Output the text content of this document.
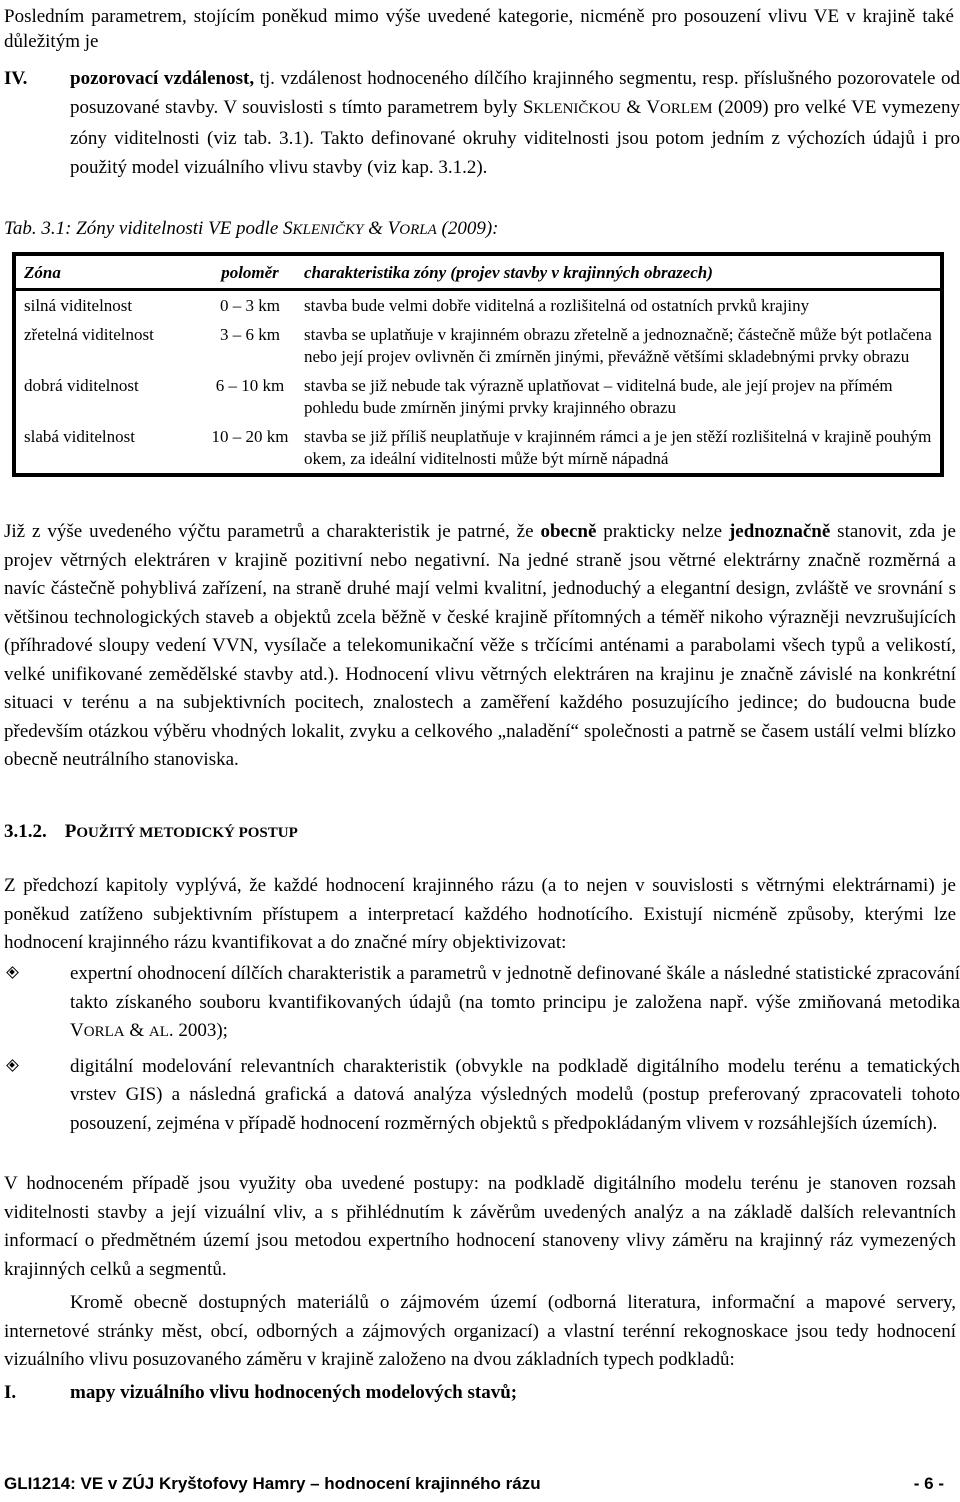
Posledním parametrem, stojícím poněkud mimo výše uvedené kategorie, nicméně pro posouzení vlivu VE v krajině také důležitým je

IV. pozorovací vzdálenost, tj. vzdálenost hodnoceného dílčího krajinného segmentu, resp. příslušného pozorovatele od posuzované stavby. V souvislosti s tímto parametrem byly SKLENIČKOU & VORLEM (2009) pro velké VE vymezeny zóny viditelnosti (viz tab. 3.1). Takto definované okruhy viditelnosti jsou potom jedním z výchozích údajů i pro použitý model vizuálního vlivu stavby (viz kap. 3.1.2).

Tab. 3.1: Zóny viditelnosti VE podle SKLENIČKY & VORLA (2009):

Zóna	poloměr	charakteristika zóny (projev stavby v krajinných obrazech)
silná viditelnost	0 – 3 km	stavba bude velmi dobře viditelná a rozlišitelná od ostatních prvků krajiny
zřetelná viditelnost	3 – 6 km	stavba se uplatňuje v krajinném obrazu zřetelně a jednoznačně; částečně může být potlačena nebo její projev ovlivněn či zmírněn jinými, převážně většími skladebnými prvky obrazu
dobrá viditelnost	6 – 10 km	stavba se již nebude tak výrazně uplatňovat – viditelná bude, ale její projev na přímém pohledu bude zmírněn jinými prvky krajinného obrazu
slabá viditelnost	10 – 20 km	stavba se již příliš neuplatňuje v krajinném rámci a je jen stěží rozlišitelná v krajině pouhým okem, za ideální viditelnosti může být mírně nápadná

Již z výše uvedeného výčtu parametrů a charakteristik je patrné, že obecně prakticky nelze jednoznačně stanovit, zda je projev větrných elektráren v krajině pozitivní nebo negativní. Na jedné straně jsou větrné elektrárny značně rozměrná a navíc částečně pohyblivá zařízení, na straně druhé mají velmi kvalitní, jednoduchý a elegantní design, zvláště ve srovnání s většinou technologických staveb a objektů zcela běžně v české krajině přítomných a téměř nikoho výrazněji nevzrušujících (příhradové sloupy vedení VVN, vysílače a telekomunikační věže s trčícími anténami a parabolami všech typů a velikostí, velké unifikované zemědělské stavby atd.). Hodnocení vlivu větrných elektráren na krajinu je značně závislé na konkrétní situaci v terénu a na subjektivních pocitech, znalostech a zaměření každého posuzujícího jedince; do budoucna bude především otázkou výběru vhodných lokalit, zvyku a celkového „naladění“ společnosti a patrně se časem ustálí velmi blízko obecně neutrálního stanoviska.

3.1.2. POUŽITÝ METODICKÝ POSTUP

Z předchozí kapitoly vyplývá, že každé hodnocení krajinného rázu (a to nejen v souvislosti s větrnými elektrárnami) je poněkud zatíženo subjektivním přístupem a interpretací každého hodnotícího. Existují nicméně způsoby, kterými lze hodnocení krajinného rázu kvantifikovat a do značné míry objektivizovat:

expertní ohodnocení dílčích charakteristik a parametrů v jednotně definované škále a následné statistické zpracování takto získaného souboru kvantifikovaných údajů (na tomto principu je založena např. výše zmiňovaná metodika VORLA & AL. 2003);

digitální modelování relevantních charakteristik (obvykle na podkladě digitálního modelu terénu a tematických vrstev GIS) a následná grafická a datová analýza výsledných modelů (postup preferovaný zpracovateli tohoto posouzení, zejména v případě hodnocení rozměrných objektů s předpokládaným vlivem v rozsáhlejších územích).

V hodnoceném případě jsou využity oba uvedené postupy: na podkladě digitálního modelu terénu je stanoven rozsah viditelnosti stavby a její vizuální vliv, a s přihlédnutím k závěrům uvedených analýz a na základě dalších relevantních informací o předmětném území jsou metodou expertního hodnocení stanoveny vlivy záměru na krajinný ráz vymezených krajinných celků a segmentů.

Kromě obecně dostupných materiálů o zájmovém území (odborná literatura, informační a mapové servery, internetové stránky měst, obcí, odborných a zájmových organizací) a vlastní terénní rekognoskace jsou tedy hodnocení vizuálního vlivu posuzovaného záměru v krajině založeno na dvou základních typech podkladů:

I.	mapy vizuálního vlivu hodnocených modelových stavů;
GLI1214: VE v ZÚJ Kryštofovy Hamry – hodnocení krajinného rázu	- 6 -
